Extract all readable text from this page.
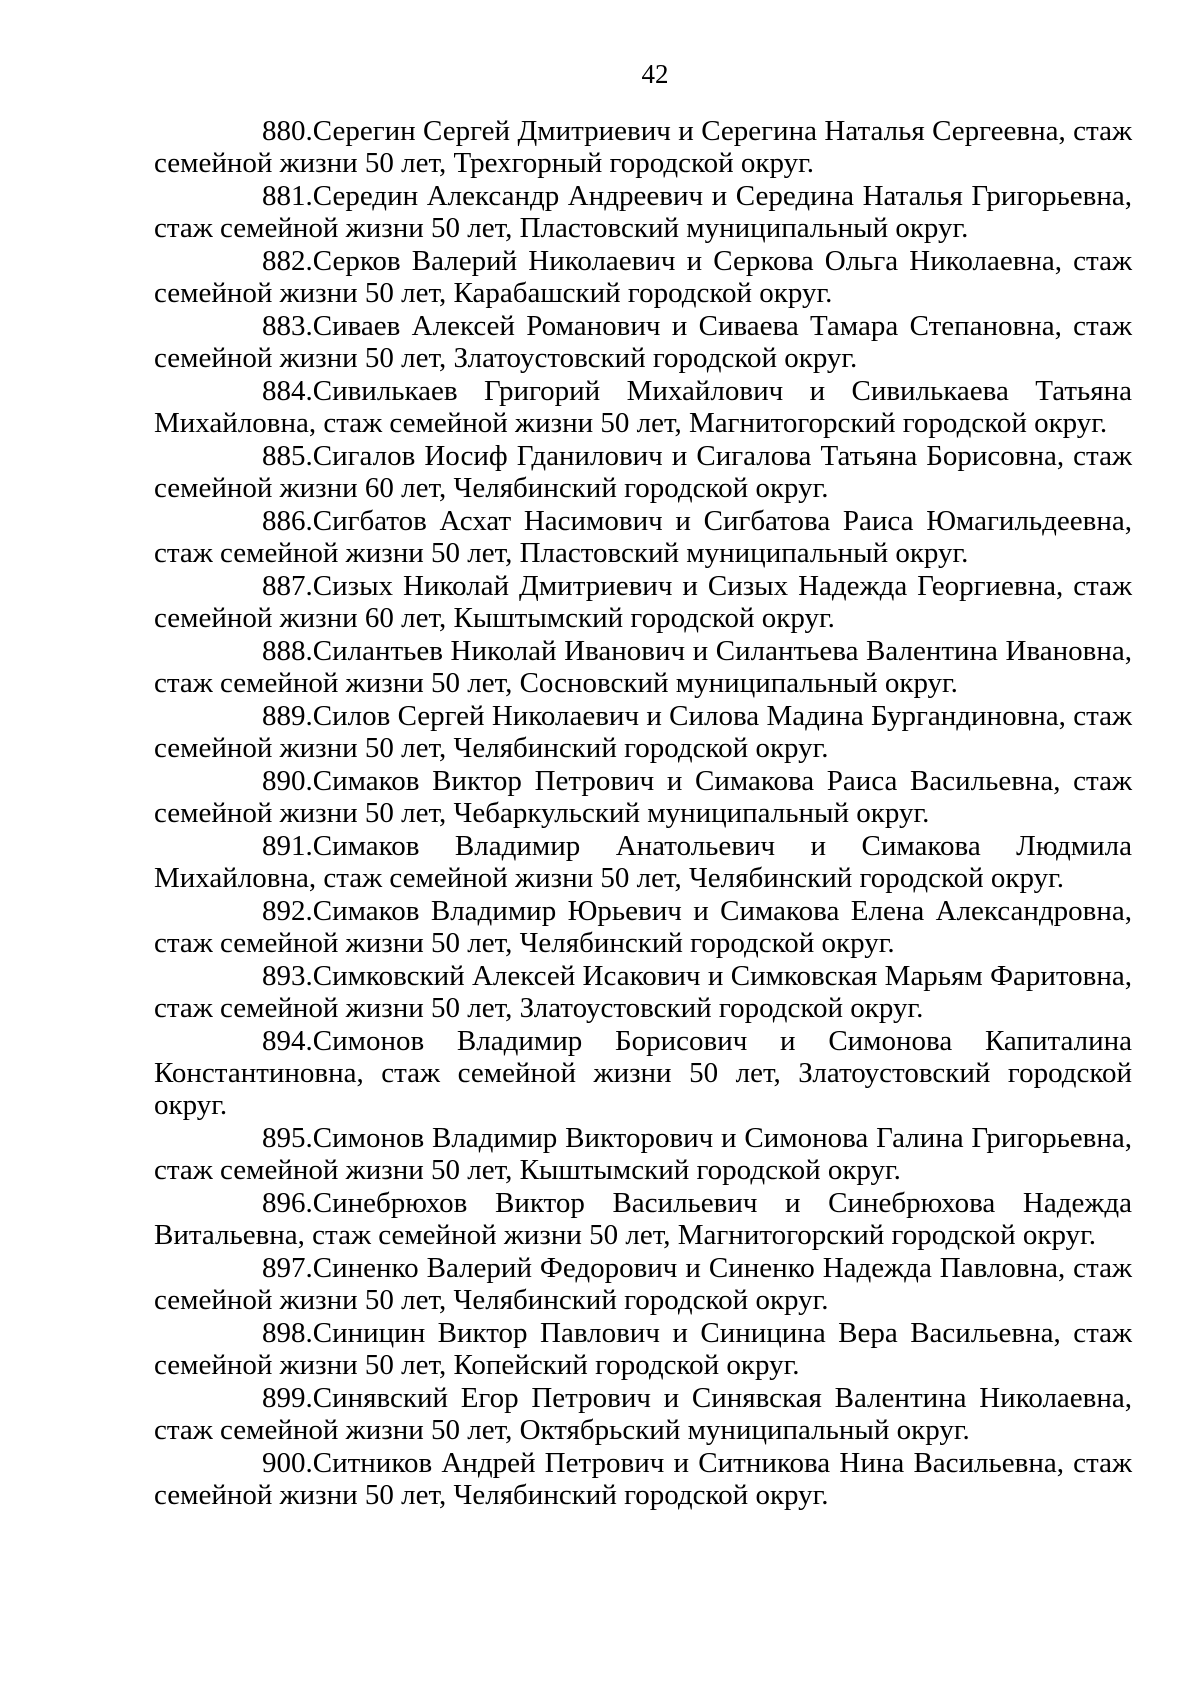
42

880.Серегин Сергей Дмитриевич и Серегина Наталья Сергеевна, стаж семейной жизни 50 лет, Трехгорный городской округ.

881.Середин Александр Андреевич и Середина Наталья Григорьевна, стаж семейной жизни 50 лет, Пластовский муниципальный округ.

882.Серков Валерий Николаевич и Серкова Ольга Николаевна, стаж семейной жизни 50 лет, Карабашский городской округ.

883.Сиваев Алексей Романович и Сиваева Тамара Степановна, стаж семейной жизни 50 лет, Златоустовский городской округ.

884.Сивилькаев Григорий Михайлович и Сивилькаева Татьяна Михайловна, стаж семейной жизни 50 лет, Магнитогорский городской округ.

885.Сигалов Иосиф Гданилович и Сигалова Татьяна Борисовна, стаж семейной жизни 60 лет, Челябинский городской округ.

886.Сигбатов Асхат Насимович и Сигбатова Раиса Юмагильдеевна, стаж семейной жизни 50 лет, Пластовский муниципальный округ.

887.Сизых Николай Дмитриевич и Сизых Надежда Георгиевна, стаж семейной жизни 60 лет, Кыштымский городской округ.

888.Силантьев Николай Иванович и Силантьева Валентина Ивановна, стаж семейной жизни 50 лет, Сосновский муниципальный округ.

889.Силов Сергей Николаевич и Силова Мадина Бургандиновна, стаж семейной жизни 50 лет, Челябинский городской округ.

890.Симаков Виктор Петрович и Симакова Раиса Васильевна, стаж семейной жизни 50 лет, Чебаркульский муниципальный округ.

891.Симаков Владимир Анатольевич и Симакова Людмила Михайловна, стаж семейной жизни 50 лет, Челябинский городской округ.

892.Симаков Владимир Юрьевич и Симакова Елена Александровна, стаж семейной жизни 50 лет, Челябинский городской округ.

893.Симковский Алексей Исакович и Симковская Марьям Фаритовна, стаж семейной жизни 50 лет, Златоустовский городской округ.

894.Симонов Владимир Борисович и Симонова Капиталина Константиновна, стаж семейной жизни 50 лет, Златоустовский городской округ.

895.Симонов Владимир Викторович и Симонова Галина Григорьевна, стаж семейной жизни 50 лет, Кыштымский городской округ.

896.Синебрюхов Виктор Васильевич и Синебрюхова Надежда Витальевна, стаж семейной жизни 50 лет, Магнитогорский городской округ.

897.Синенко Валерий Федорович и Синенко Надежда Павловна, стаж семейной жизни 50 лет, Челябинский городской округ.

898.Синицин Виктор Павлович и Синицина Вера Васильевна, стаж семейной жизни 50 лет, Копейский городской округ.

899.Синявский Егор Петрович и Синявская Валентина Николаевна, стаж семейной жизни 50 лет, Октябрьский муниципальный округ.

900.Ситников Андрей Петрович и Ситникова Нина Васильевна, стаж семейной жизни 50 лет, Челябинский городской округ.
